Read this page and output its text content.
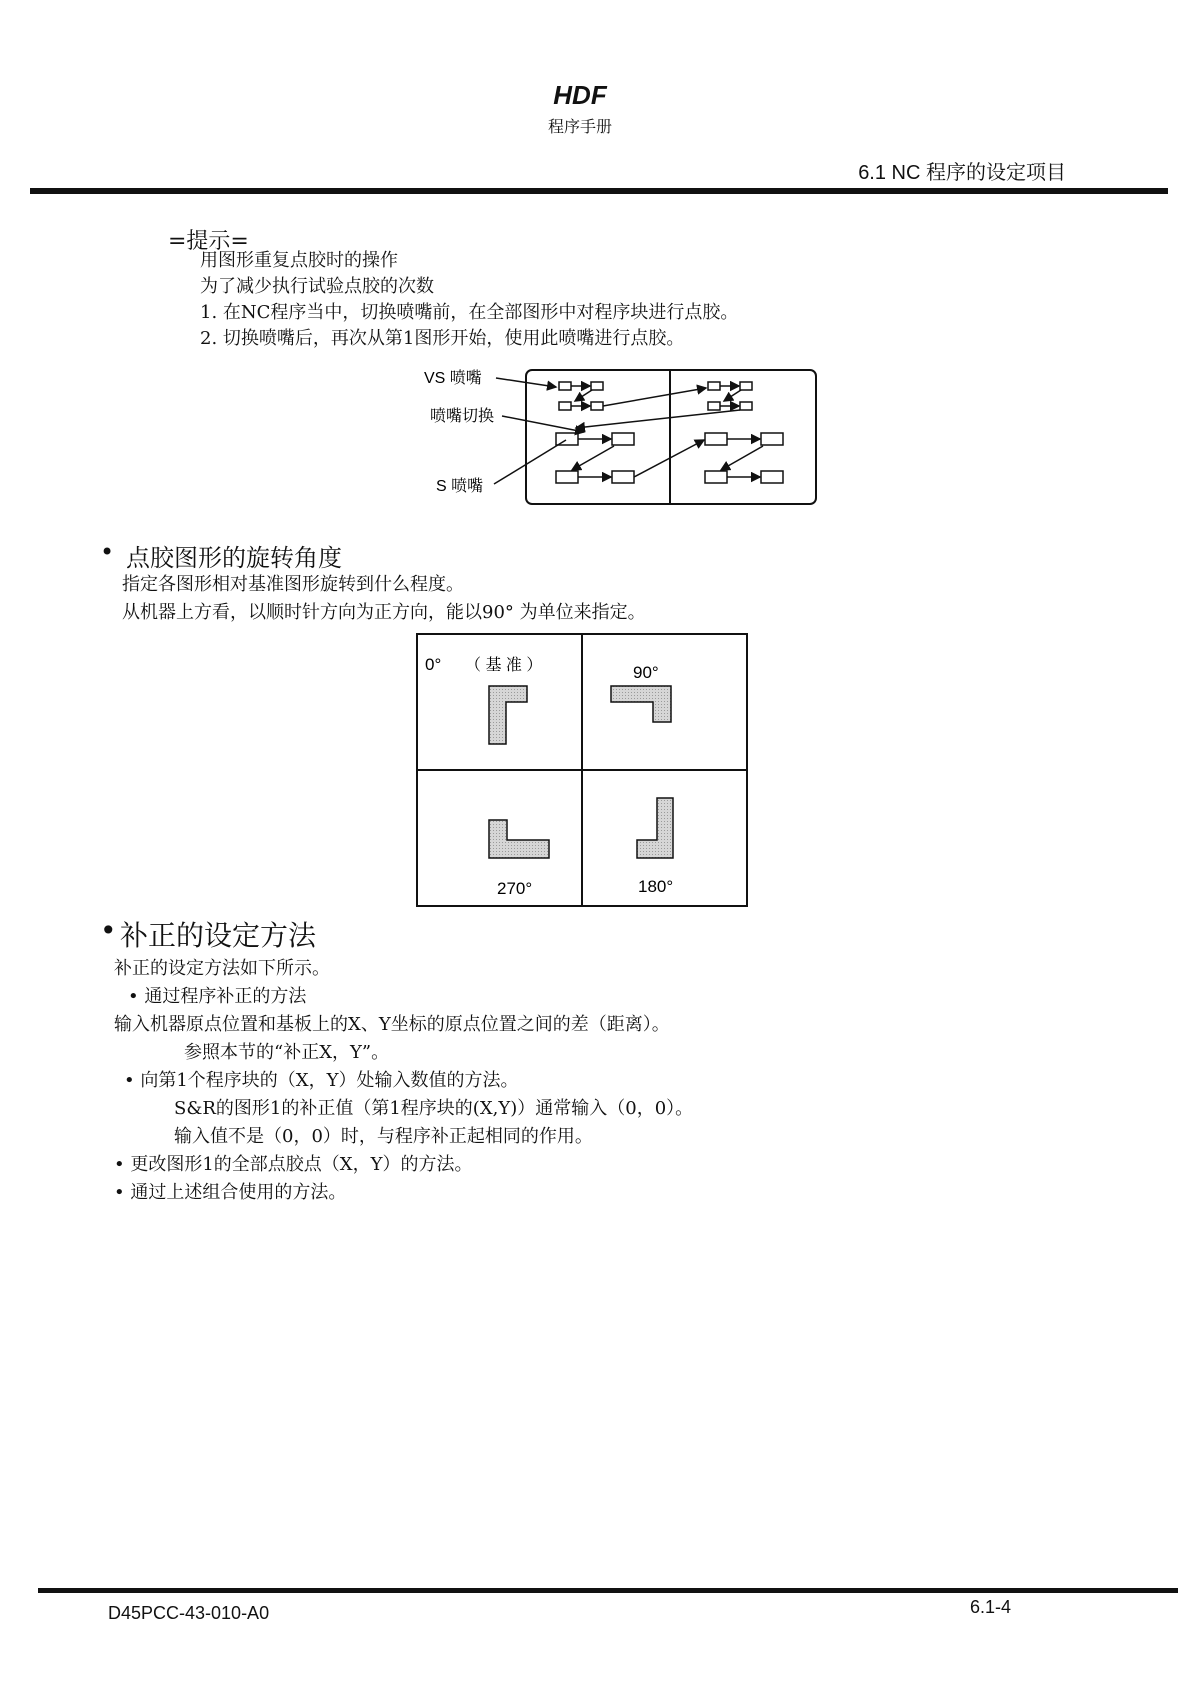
HDF
程序手册
6.1 NC 程序的设定项目
=提示=
用图形重复点胶时的操作
为了减少执行试验点胶的次数
1. 在NC程序当中，切换喷嘴前，在全部图形中对程序块进行点胶。
2. 切换喷嘴后，再次从第1图形开始，使用此喷嘴进行点胶。
VS 喷嘴
喷嘴切换
S 喷嘴
• 点胶图形的旋转角度
指定各图形相对基准图形旋转到什么程度。
从机器上方看，以顺时针方向为正方向，能以90° 为单位来指定。
0° （ 基 准 ）	90°
270°	180°
• 补正的设定方法
补正的设定方法如下所示。
• 通过程序补正的方法
输入机器原点位置和基板上的X、Y坐标的原点位置之间的差（距离）。
参照本节的“补正X，Y”。
• 向第1个程序块的（X，Y）处输入数值的方法。
S&R的图形1的补正值（第1程序块的(X,Y)）通常输入（0，0）。
输入值不是（0，0）时，与程序补正起相同的作用。
• 更改图形1的全部点胶点（X，Y）的方法。
• 通过上述组合使用的方法。
D45PCC-43-010-A0	6.1-4
